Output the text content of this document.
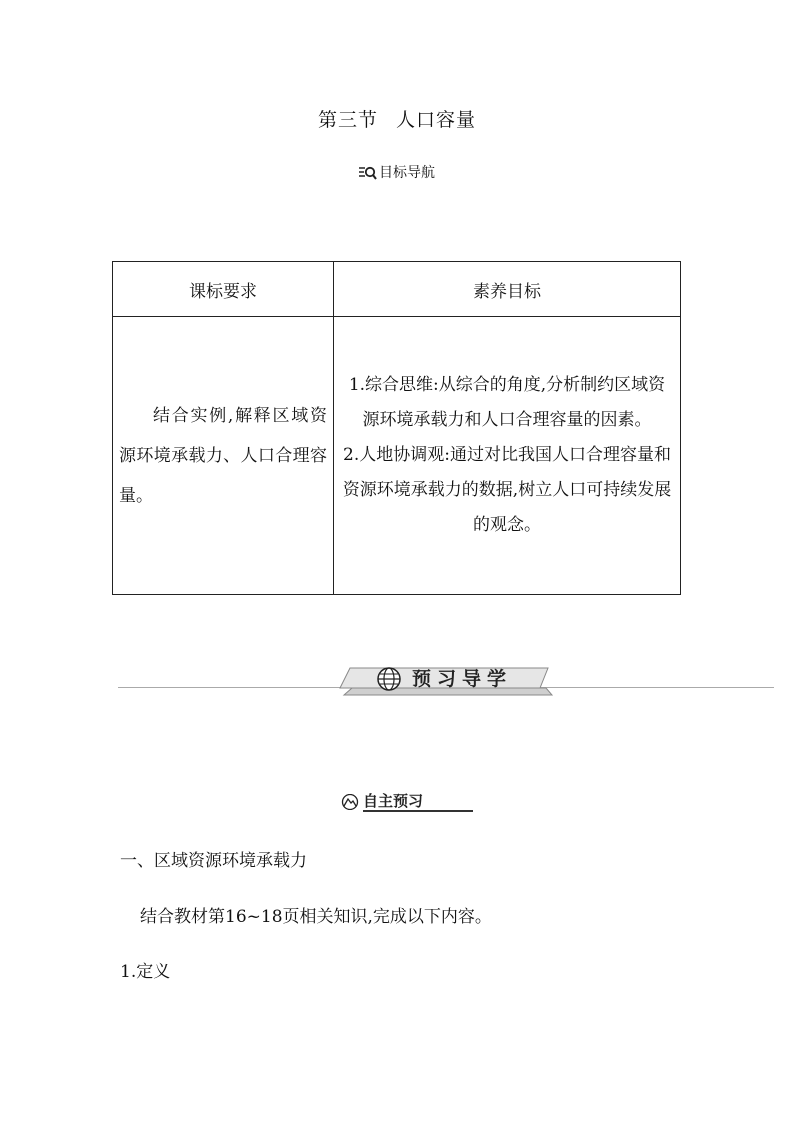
第三节 人口容量
目标导航
课标要求	素养目标

结合实例,解释区域资源环境承载力、人口合理容量。	1.综合思维:从综合的角度,分析制约区域资源环境承载力和人口合理容量的因素。

2.人地协调观:通过对比我国人口合理容量和资源环境承载力的数据,树立人口可持续发展的观念。

预习导学
自主预习
一、区域资源环境承载力
结合教材第16~18页相关知识,完成以下内容。
1.定义
